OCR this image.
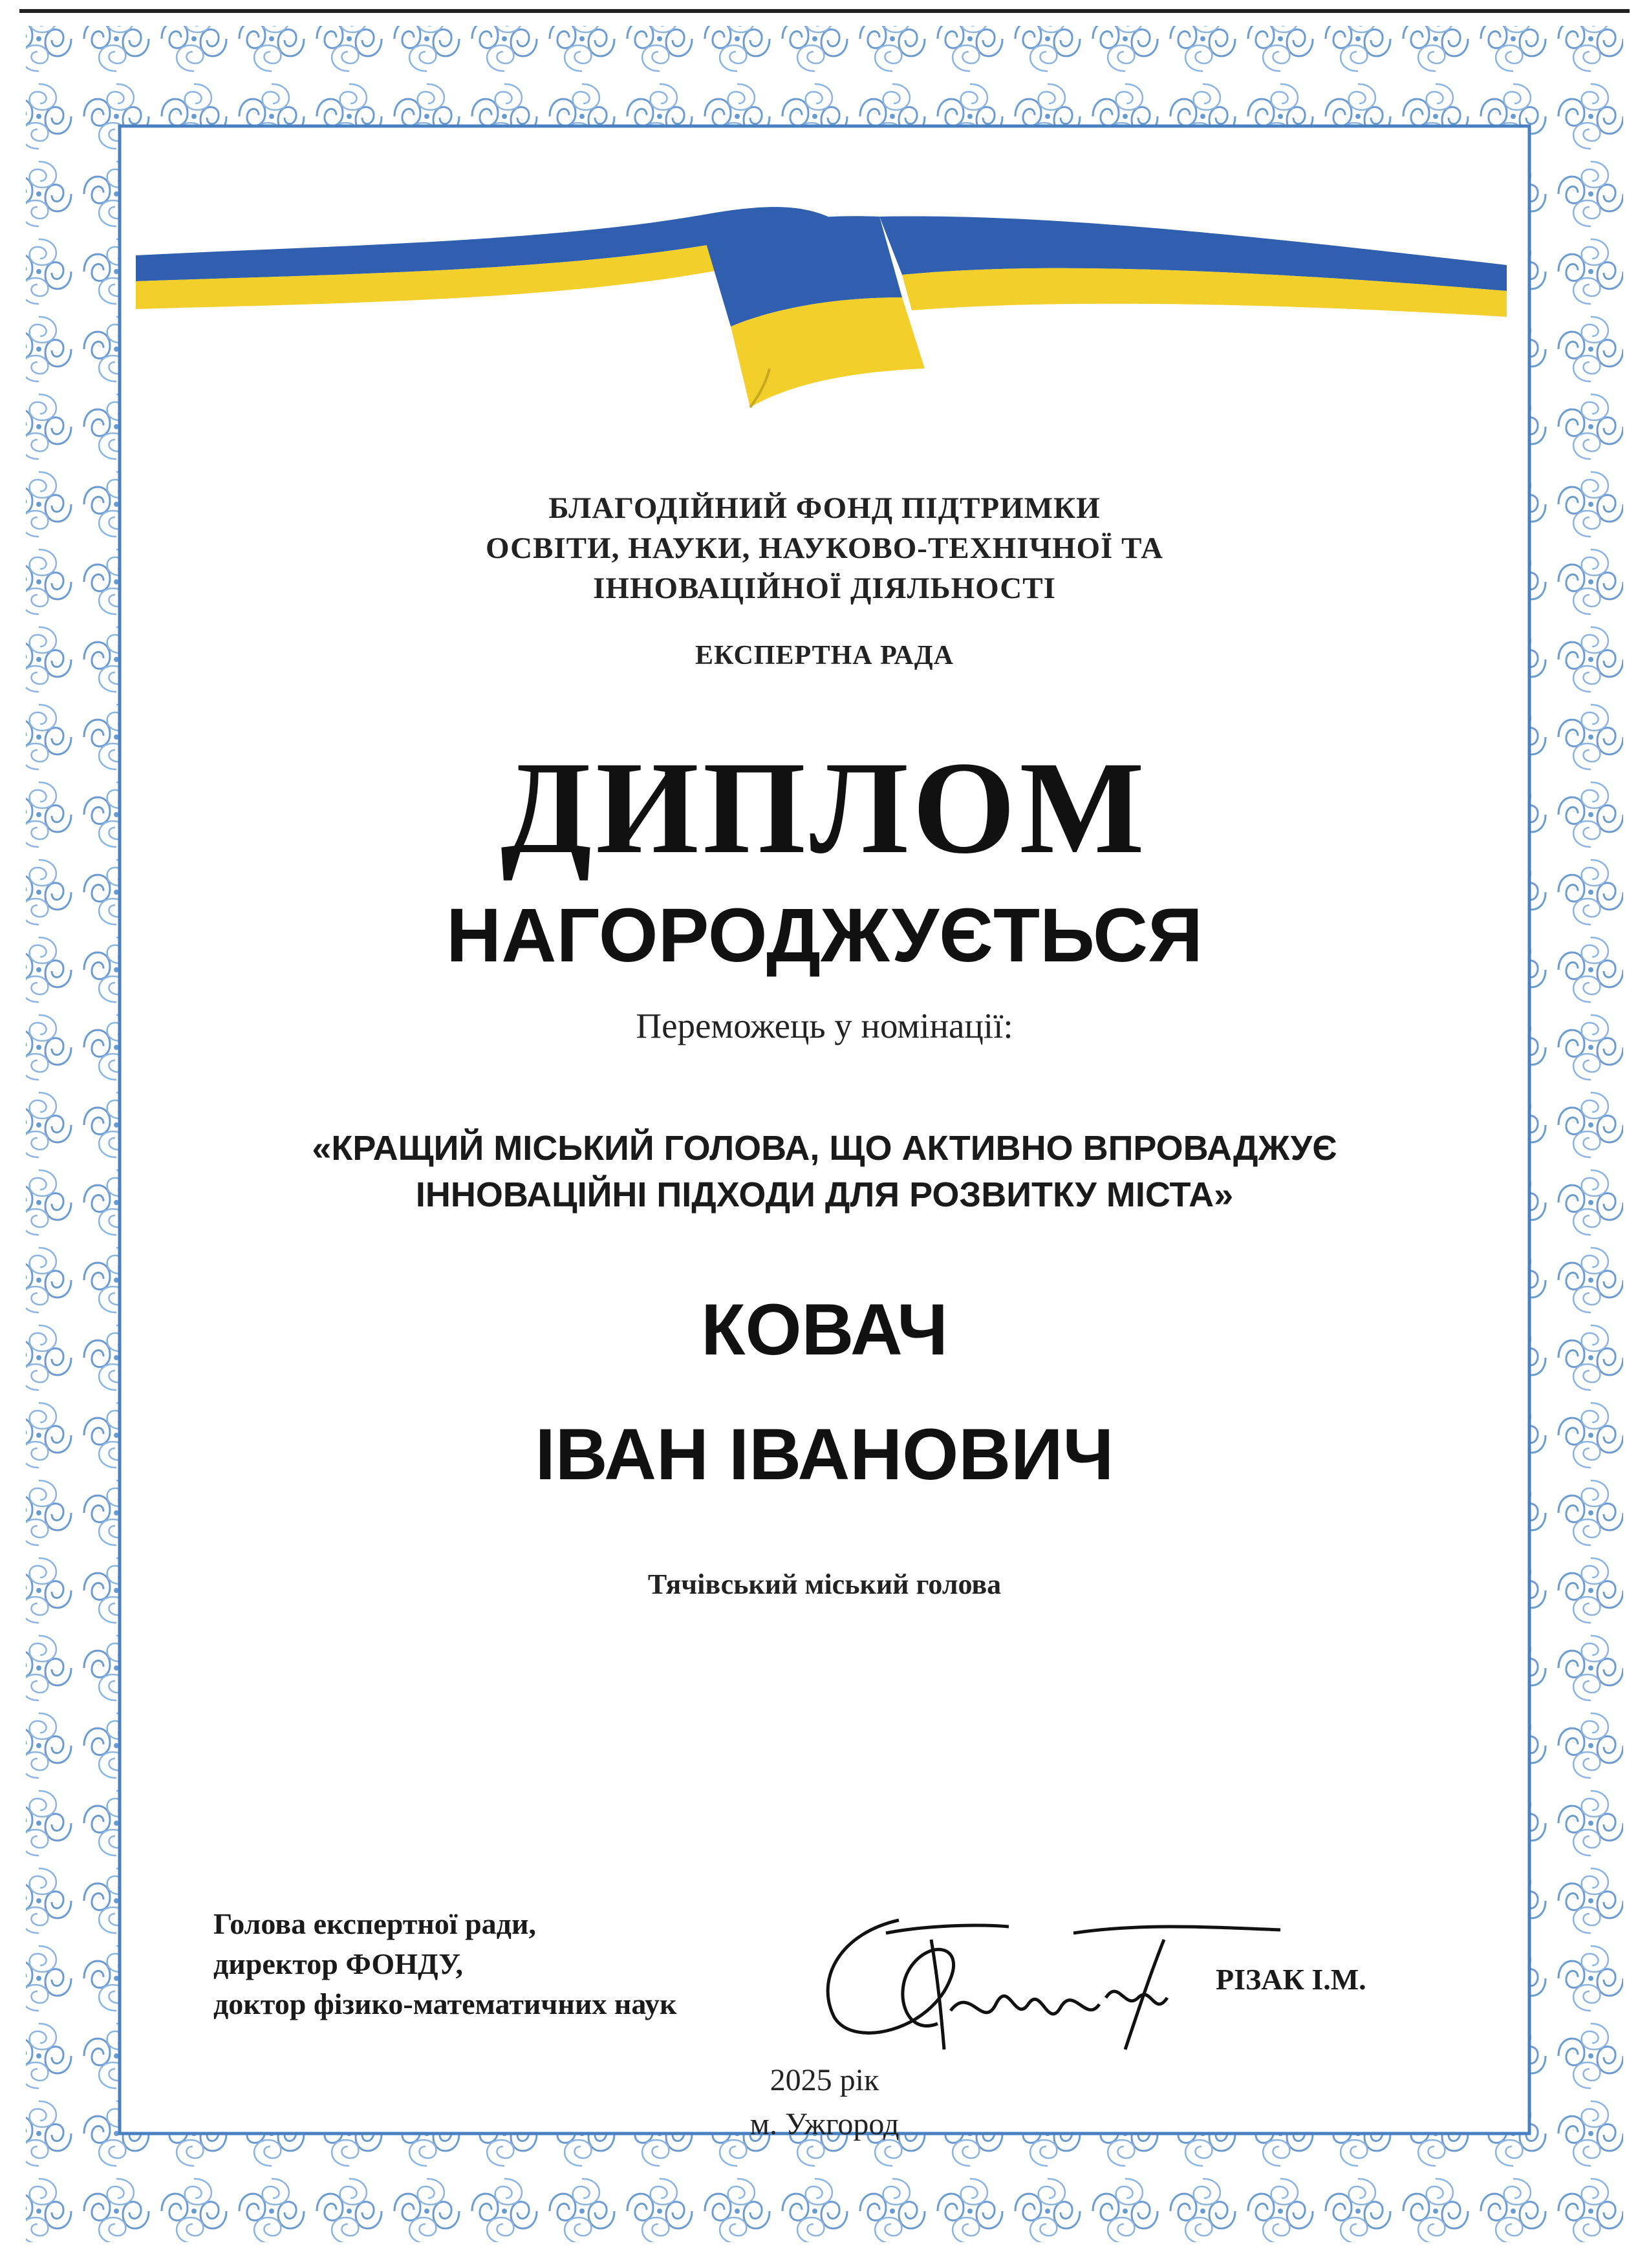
БЛАГОДІЙНИЙ ФОНД ПІДТРИМКИ
ОСВІТИ, НАУКИ, НАУКОВО-ТЕХНІЧНОЇ ТА
ІННОВАЦІЙНОЇ ДІЯЛЬНОСТІ
ЕКСПЕРТНА РАДА
ДИПЛОМ
НАГОРОДЖУЄТЬСЯ
Переможець у номінації:
«КРАЩИЙ МІСЬКИЙ ГОЛОВА, ЩО АКТИВНО ВПРОВАДЖУЄ
ІННОВАЦІЙНІ ПІДХОДИ ДЛЯ РОЗВИТКУ МІСТА»
КОВАЧ
ІВАН ІВАНОВИЧ
Тячівський міський голова
Голова експертної ради,
директор ФОНДУ,
доктор фізико-математичних наук
РІЗАК І.М.
2025 рік
м. Ужгород
